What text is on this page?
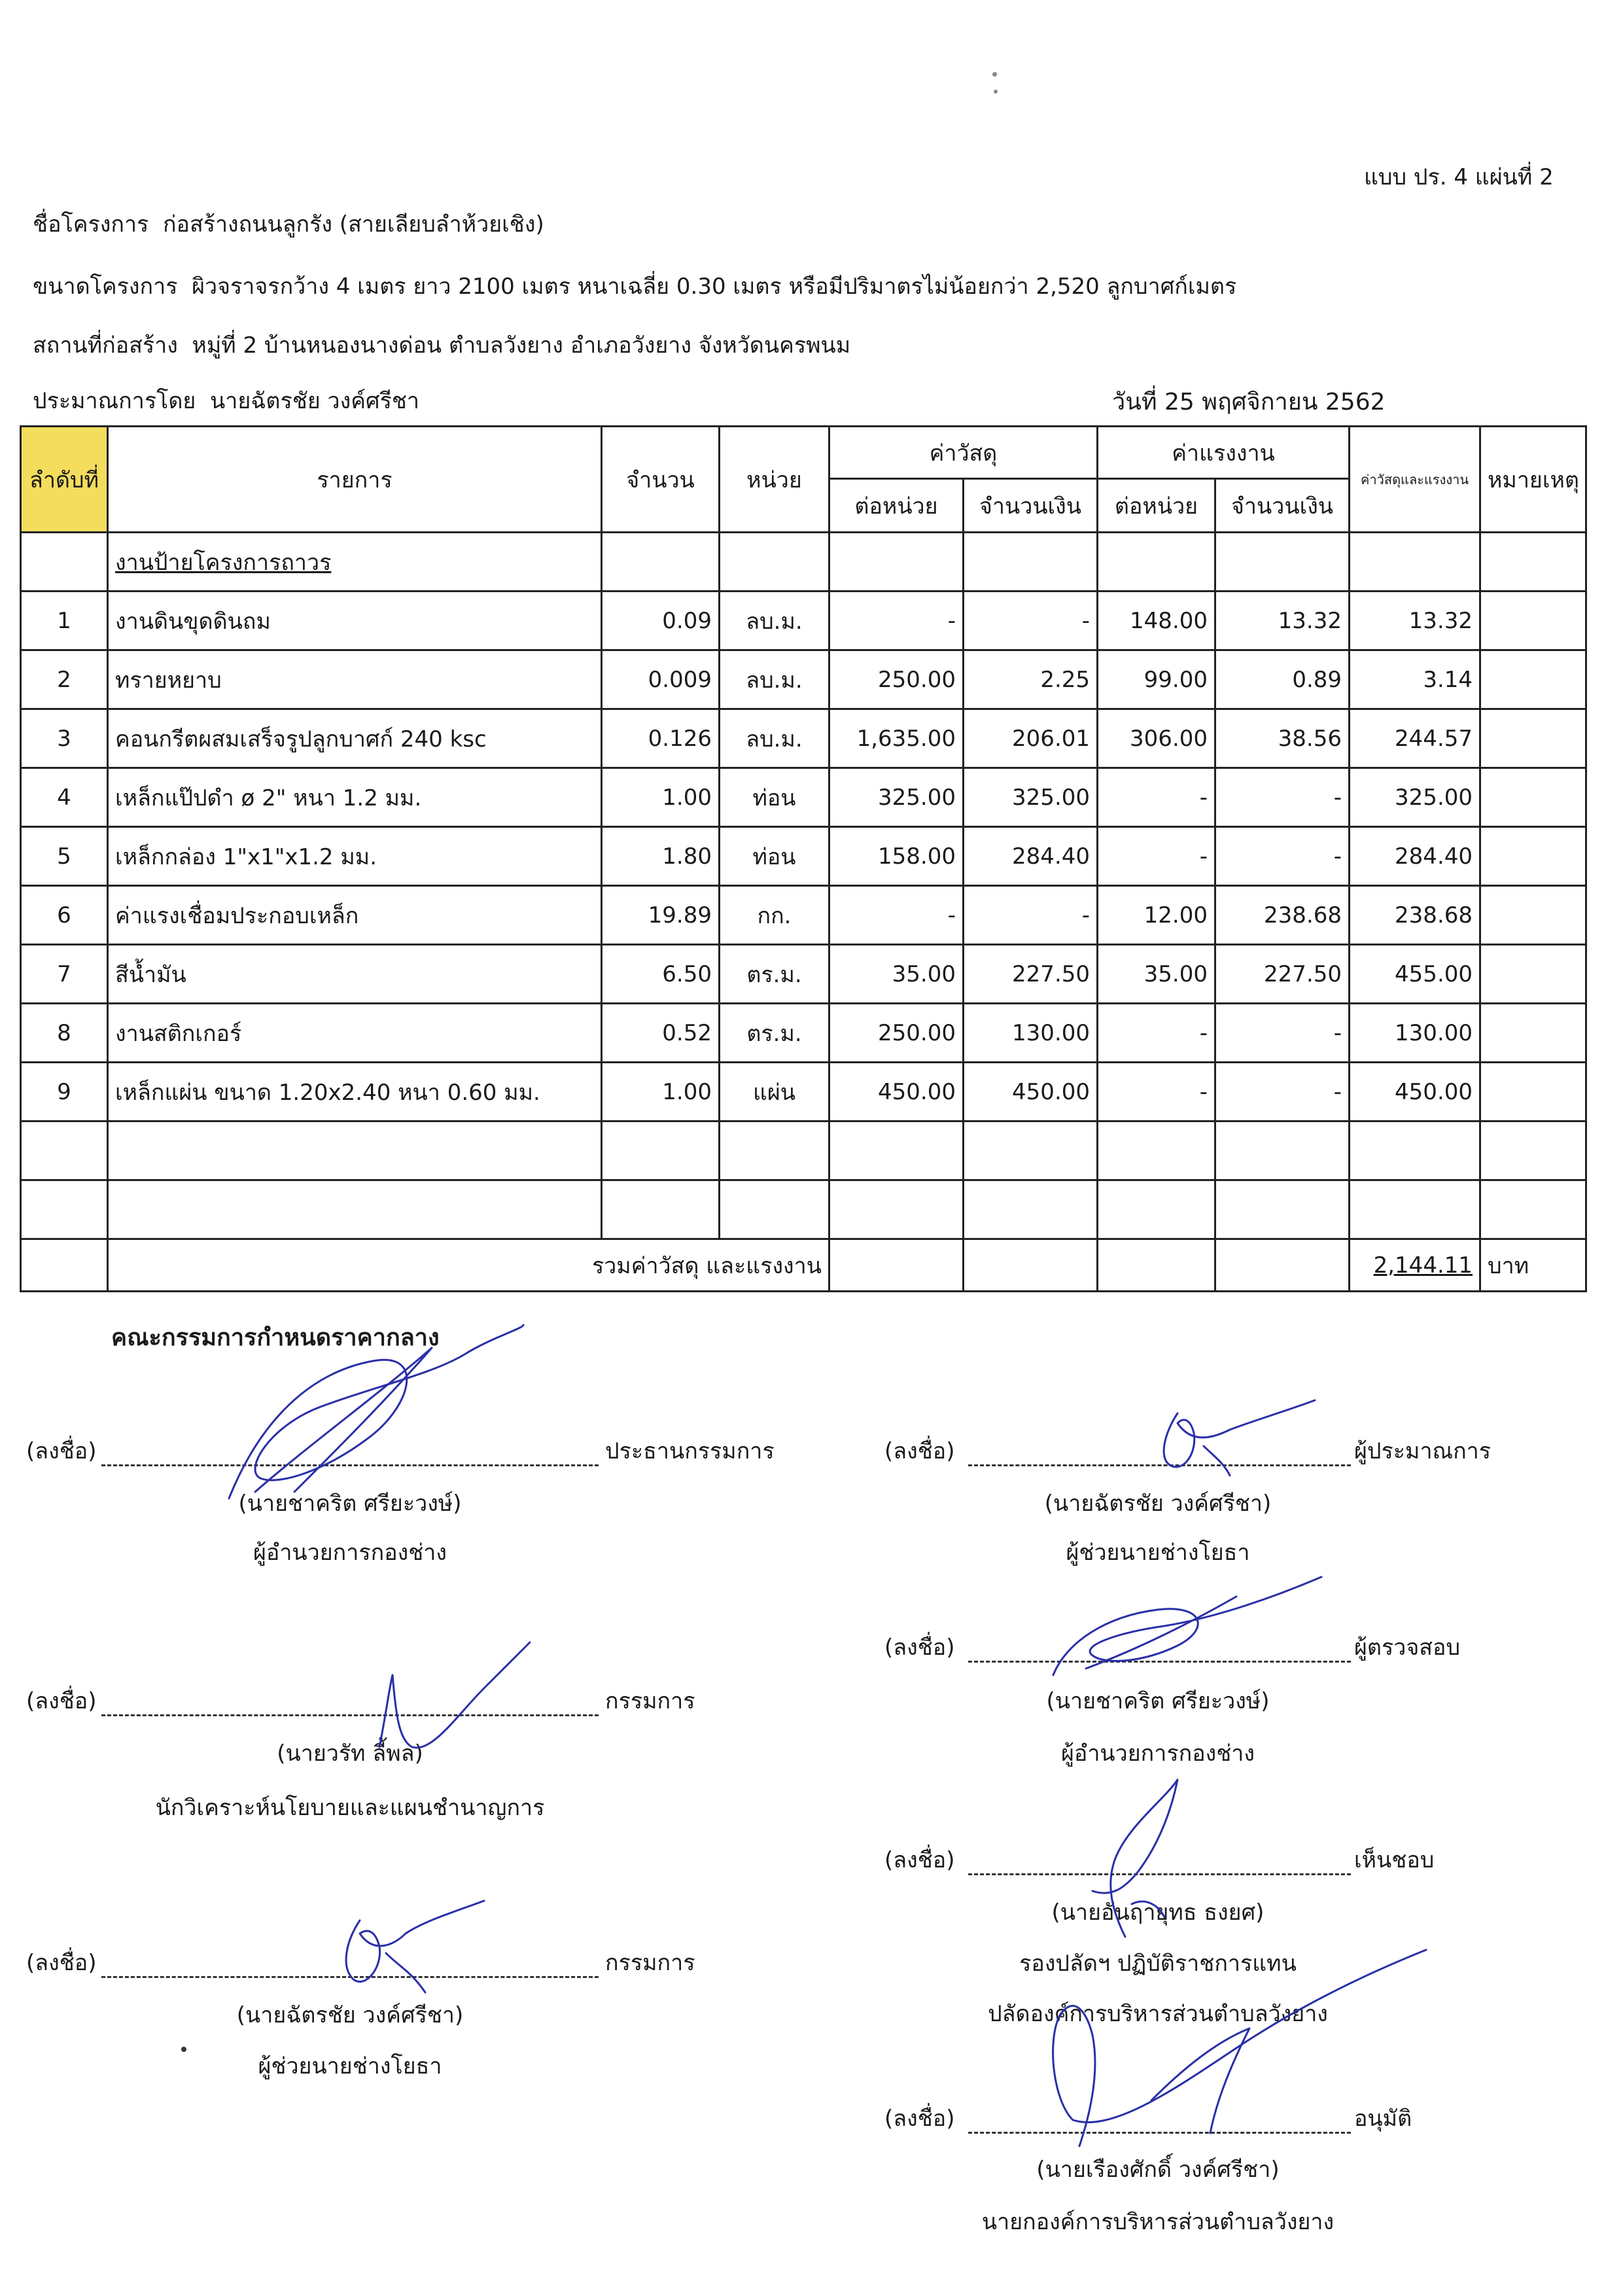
แบบ ปร. 4 แผ่นที่ 2
ชื่อโครงการ ก่อสร้างถนนลูกรัง (สายเลียบลำห้วยเชิง)
ขนาดโครงการ ผิวจราจรกว้าง 4 เมตร ยาว 2100 เมตร หนาเฉลี่ย 0.30 เมตร หรือมีปริมาตรไม่น้อยกว่า 2,520 ลูกบาศก์เมตร
สถานที่ก่อสร้าง หมู่ที่ 2 บ้านหนองนางด่อน ตำบลวังยาง อำเภอวังยาง จังหวัดนครพนม
ประมาณการโดย นายฉัตรชัย วงค์ศรีชา	วันที่ 25 พฤศจิกายน 2562
ลำดับที่	รายการ	จำนวน	หน่วย	ค่าวัสดุ		ค่าแรงงาน		ค่าวัสดุและแรงงาน	หมายเหตุ
				ต่อหน่วย	จำนวนเงิน	ต่อหน่วย	จำนวนเงิน		
	งานป้ายโครงการถาวร								
1	งานดินขุดดินถม	0.09	ลบ.ม.	-	-	148.00	13.32	13.32	
2	ทรายหยาบ	0.009	ลบ.ม.	250.00	2.25	99.00	0.89	3.14	
3	คอนกรีตผสมเสร็จรูปลูกบาศก์ 240 ksc	0.126	ลบ.ม.	1,635.00	206.01	306.00	38.56	244.57	
4	เหล็กแป๊ปดำ ø 2" หนา 1.2 มม.	1.00	ท่อน	325.00	325.00	-	-	325.00	
5	เหล็กกล่อง 1"x1"x1.2 มม.	1.80	ท่อน	158.00	284.40	-	-	284.40	
6	ค่าแรงเชื่อมประกอบเหล็ก	19.89	กก.	-	-	12.00	238.68	238.68	
7	สีน้ำมัน	6.50	ตร.ม.	35.00	227.50	35.00	227.50	455.00	
8	งานสติกเกอร์	0.52	ตร.ม.	250.00	130.00	-	-	130.00	
9	เหล็กแผ่น ขนาด 1.20x2.40 หนา 0.60 มม.	1.00	แผ่น	450.00	450.00	-	-	450.00	

	รวมค่าวัสดุ และแรงงาน							2,144.11	บาท
คณะกรรมการกำหนดราคากลาง
(ลงชื่อ)	ประธานกรรมการ
(นายชาคริต ศรียะวงษ์)
ผู้อำนวยการกองช่าง
(ลงชื่อ)	กรรมการ
(นายวรัท ลี้พล)
นักวิเคราะห์นโยบายและแผนชำนาญการ
(ลงชื่อ)	กรรมการ
(นายฉัตรชัย วงค์ศรีชา)
ผู้ช่วยนายช่างโยธา
(ลงชื่อ)	ผู้ประมาณการ
(นายฉัตรชัย วงค์ศรีชา)
ผู้ช่วยนายช่างโยธา
(ลงชื่อ)	ผู้ตรวจสอบ
(นายชาคริต ศรียะวงษ์)
ผู้อำนวยการกองช่าง
(ลงชื่อ)	เห็นชอบ
(นายอันฤายุทธ ธงยศ)
รองปลัดฯ ปฏิบัติราชการแทน
ปลัดองค์การบริหารส่วนตำบลวังยาง
(ลงชื่อ)	อนุมัติ
(นายเรืองศักดิ์ วงค์ศรีชา)
นายกองค์การบริหารส่วนตำบลวังยาง
